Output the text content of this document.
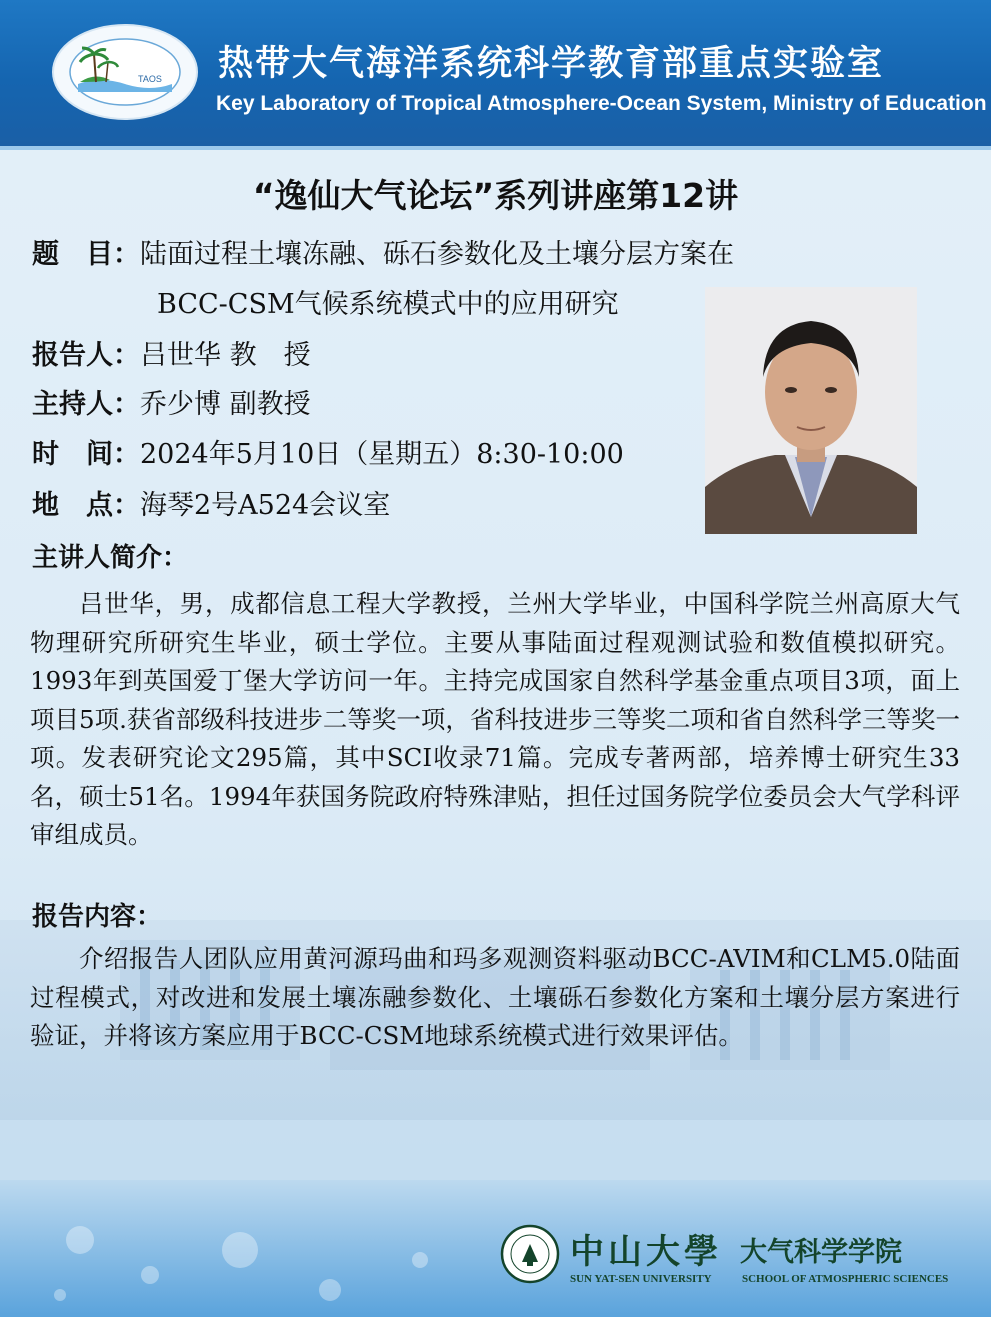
TAOS 热带大气海洋系统科学教育部重点实验室
Key Laboratory of Tropical Atmosphere-Ocean System, Ministry of Education
“逸仙大气论坛”系列讲座第12讲
题　目：陆面过程土壤冻融、砾石参数化及土壤分层方案在
BCC-CSM气候系统模式中的应用研究
报告人：吕世华 教　授
主持人：乔少博 副教授
时　间：2024年5月10日（星期五）8:30-10:00
地　点：海琴2号A524会议室
主讲人简介：

吕世华，男，成都信息工程大学教授，兰州大学毕业，中国科学院兰州高原大气物理研究所研究生毕业，硕士学位。主要从事陆面过程观测试验和数值模拟研究。1993年到英国爱丁堡大学访问一年。主持完成国家自然科学基金重点项目3项，面上项目5项.获省部级科技进步二等奖一项，省科技进步三等奖二项和省自然科学三等奖一项。发表研究论文295篇，其中SCI收录71篇。完成专著两部，培养博士研究生33名，硕士51名。1994年获国务院政府特殊津贴，担任过国务院学位委员会大气学科评审组成员。

报告内容：

介绍报告人团队应用黄河源玛曲和玛多观测资料驱动BCC-AVIM和CLM5.0陆面过程模式，对改进和发展土壤冻融参数化、土壤砾石参数化方案和土壤分层方案进行验证，并将该方案应用于BCC-CSM地球系统模式进行效果评估。

中山大學 大气科学学院
SUN YAT-SEN UNIVERSITY	SCHOOL OF ATMOSPHERIC SCIENCES
